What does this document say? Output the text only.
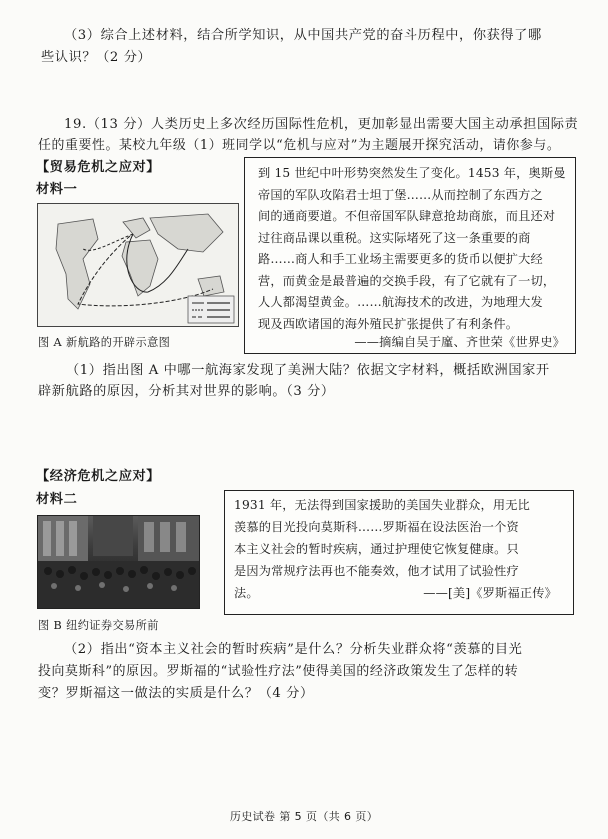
（3）综合上述材料，结合所学知识，从中国共产党的奋斗历程中，你获得了哪
些认识？（2 分）
19.（13 分）人类历史上多次经历国际性危机，更加彰显出需要大国主动承担国际责
任的重要性。某校九年级（1）班同学以“危机与应对”为主题展开探究活动，请你参与。
【贸易危机之应对】
材料一
图 A 新航路的开辟示意图
到 15 世纪中叶形势突然发生了变化。1453 年，奥斯曼
帝国的军队攻陷君士坦丁堡……从而控制了东西方之
间的通商要道。不但帝国军队肆意抢劫商旅，而且还对
过往商品课以重税。这实际堵死了这一条重要的商
路……商人和手工业场主需要更多的货币以便扩大经
营，而黄金是最普遍的交换手段，有了它就有了一切，
人人都渴望黄金。……航海技术的改进，为地理大发
现及西欧诸国的海外殖民扩张提供了有利条件。
——摘编自吴于廑、齐世荣《世界史》
（1）指出图 A 中哪一航海家发现了美洲大陆？依据文字材料，概括欧洲国家开
辟新航路的原因，分析其对世界的影响。（3 分）
【经济危机之应对】
材料二
图 B 纽约证券交易所前
1931 年，无法得到国家援助的美国失业群众，用无比
羡慕的目光投向莫斯科……罗斯福在设法医治一个资
本主义社会的暂时疾病，通过护理使它恢复健康。只
是因为常规疗法再也不能奏效，他才试用了试验性疗
法。	——[美]《罗斯福正传》
（2）指出“资本主义社会的暂时疾病”是什么？分析失业群众将“羡慕的目光
投向莫斯科”的原因。罗斯福的“试验性疗法”使得美国的经济政策发生了怎样的转
变？罗斯福这一做法的实质是什么？（4 分）
历史试卷 第 5 页（共 6 页）
